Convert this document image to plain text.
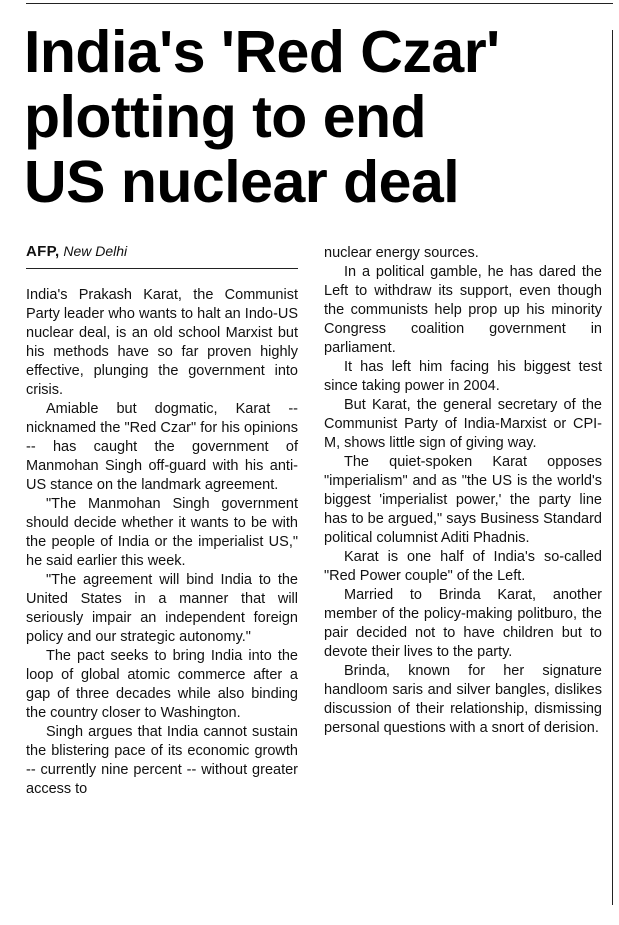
India's 'Red Czar'
plotting to end
US nuclear deal
AFP, New Delhi

India's Prakash Karat, the Communist Party leader who wants to halt an Indo-US nuclear deal, is an old school Marxist but his methods have so far proven highly effective, plunging the government into crisis.

Amiable but dogmatic, Karat -- nicknamed the "Red Czar" for his opinions -- has caught the government of Manmohan Singh off-guard with his anti-US stance on the landmark agreement.

"The Manmohan Singh government should decide whether it wants to be with the people of India or the imperialist US," he said earlier this week.

"The agreement will bind India to the United States in a manner that will seriously impair an independent foreign policy and our strategic autonomy."

The pact seeks to bring India into the loop of global atomic commerce after a gap of three decades while also binding the country closer to Washington.

Singh argues that India cannot sustain the blistering pace of its economic growth -- currently nine percent -- without greater access to

nuclear energy sources.

In a political gamble, he has dared the Left to withdraw its support, even though the communists help prop up his minority Congress coalition government in parliament.

It has left him facing his biggest test since taking power in 2004.

But Karat, the general secretary of the Communist Party of India-Marxist or CPI-M, shows little sign of giving way.

The quiet-spoken Karat opposes "imperialism" and as "the US is the world's biggest 'imperialist power,' the party line has to be argued," says Business Standard political columnist Aditi Phadnis.

Karat is one half of India's so-called "Red Power couple" of the Left.

Married to Brinda Karat, another member of the policy-making politburo, the pair decided not to have children but to devote their lives to the party.

Brinda, known for her signature handloom saris and silver bangles, dislikes discussion of their relationship, dismissing personal questions with a snort of derision.
